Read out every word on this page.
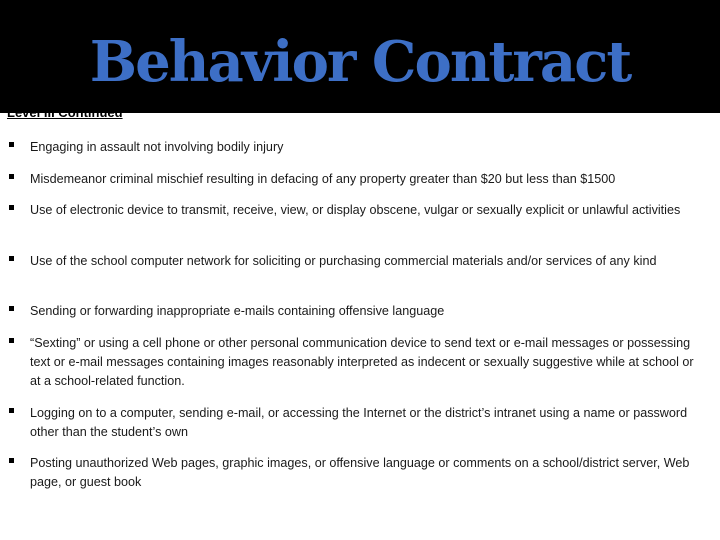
Behavior Contract
Engaging in assault not involving bodily injury
Misdemeanor criminal mischief resulting in defacing of any property greater than $20 but less than $1500
Use of electronic device to transmit, receive, view, or display obscene, vulgar or sexually explicit or unlawful activities
Use of the school computer network for soliciting or purchasing commercial materials and/or services of any kind
Sending or forwarding inappropriate e-mails containing offensive language
“Sexting” or using a cell phone or other personal communication device to send text or e-mail messages or possessing text or e-mail messages containing images reasonably interpreted as indecent or sexually suggestive while at school or at a school-related function.
Logging on to a computer, sending e-mail, or accessing the Internet or the district’s intranet using a name or password other than the student’s own
Posting unauthorized Web pages, graphic images, or offensive language or comments on a school/district server, Web page, or guest book
